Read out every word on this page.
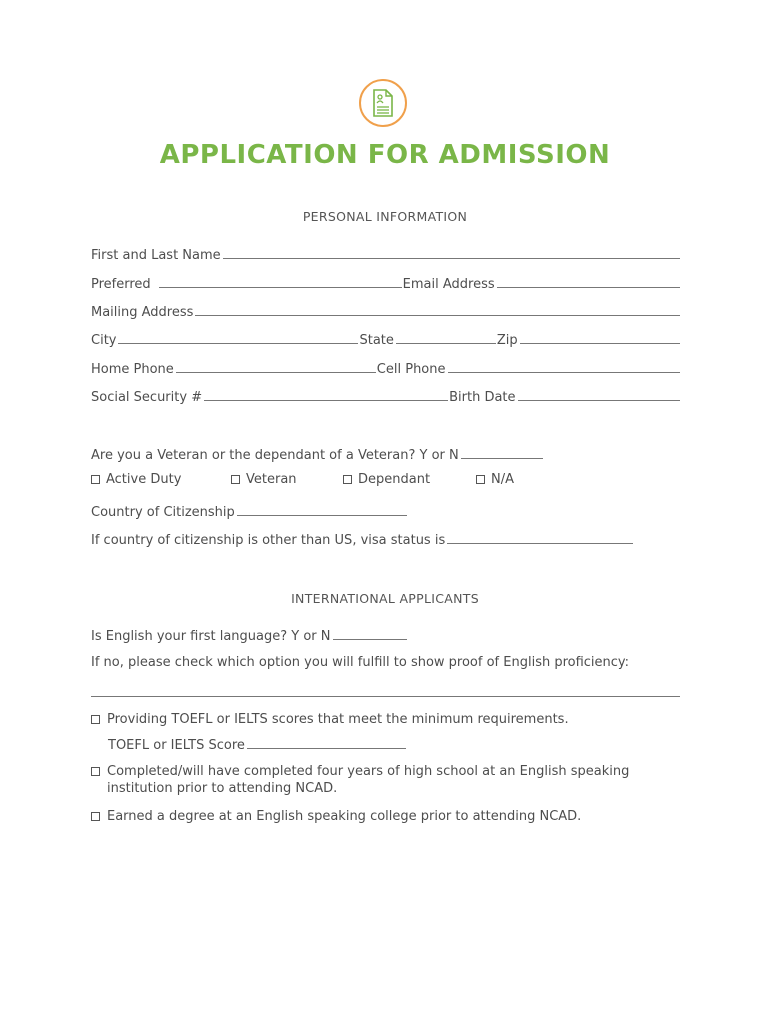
APPLICATION FOR ADMISSION
PERSONAL INFORMATION
First and Last Name
Preferred	Email Address
Mailing Address
City	State	Zip
Home Phone	Cell Phone
Social Security #	Birth Date
Are you a Veteran or the dependant of a Veteran? Y or N
Active Duty	Veteran	Dependant	N/A
Country of Citizenship
If country of citizenship is other than US, visa status is
INTERNATIONAL APPLICANTS
Is English your first language? Y or N
If no, please check which option you will fulfill to show proof of English proficiency:
Providing TOEFL or IELTS scores that meet the minimum requirements.
TOEFL or IELTS Score
Completed/will have completed four years of high school at an English speaking
institution prior to attending NCAD.
Earned a degree at an English speaking college prior to attending NCAD.
